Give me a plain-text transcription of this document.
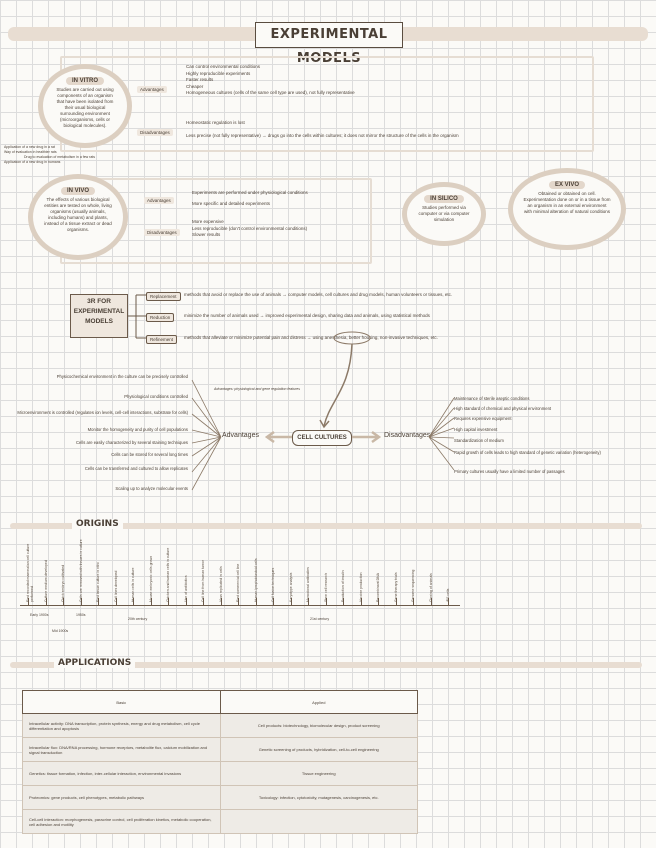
EXPERIMENTAL MODELS
IN VITRO
Studies are carried out using components of an organism that have been isolated from their usual biological surrounding environment (microorganisms, cells or biological molecules).
Advantages
Can control environmental conditions
Highly reproducible experiments
Faster results
Cheaper
Homogeneous cultures (cells of the same cell type are used), not fully representative
Disadvantages
Homeostatic regulation is lost
Less precise (not fully representative) → drugs go into the cells within cultures; it does not mirror the structure of the cells in the organism
Application of a new drug in a rat
Way of evaluation in healthier rats
Drug to evaluation of metabolism in a few rats
Application of a new drug in humans
IN VIVO
The effects of various biological entities are tested on whole, living organisms (usually animals, including humans) and plants, instead of a tissue extract or dead organisms.
Advantages
Experiments are performed under physiological conditions
More specific and detailed experiments
Disadvantages
More expensive
Less reproducible (don't control environmental conditions)
Slower results
IN SILICO
Studies performed via computer or via computer simulation
EX VIVO
Obtained or obtained on cell. Experimentation done on or in a tissue from an organism in an external environment with minimal alteration of natural conditions
3R FOR EXPERIMENTAL MODELS
Replacement	methods that avoid or replace the use of animals → computer models, cell cultures and drug models, human volunteers or tissues, etc.
Reduction	minimize the number of animals used → improved experimental design, sharing data and animals, using statistical methods
Refinement	methods that alleviate or minimize potential pain and distress → using anesthesia, better housing, non-invasive techniques, etc.
CELL CULTURES
Advantages	Disadvantages
Advantages: physiological and gene regulation features
Physicochemical environment in the culture can be precisely controlled
Physiological conditions controlled
Microenvironment is controlled (regulates ion levels, cell-cell interactions, substrate for cells)
Monitor the homogeneity and purity of cell populations
Cells are easily characterized by several staining techniques
Cells can be stored for several long times
Cells can be transferred and cultured to allow replicates
Scaling up to analyze molecular events
Maintenance of sterile aseptic conditions
High standard of chemical and physical environment
Requires expensive equipment
High capital investment
Standardization of medium
Rapid growth of cells leads to high standard of genetic variation (heterogeneity)
Primary cultures usually have a limited number of passages
ORIGINS
First recorded mammalian cell culture performed	Culture medium developed	Chick embryo cultivated	Cells are removed with tissues in culture	First tissue culture in vitro	Cell lines developed	Human cells in culture	Mouse embryonic cells grown	Chicken and human cells in culture	Use of antibiotics	Cell line from human tumor	Virus replicated in cells	First commercial cell line	Human lymphoblastoid cells	Cell fusion techniques	Karyotype analysis	Monoclonal antibodies	Stem cell research	Production of insulin	Vaccine production	Recombinant DNA	Gene therapy trials	Genome sequencing	Cloning of animals	iPS cells
Early 1900s
Mid 1900s
1950s
20th century	21st century
APPLICATIONS
Basic	Applied
Intracellular activity: DNA transcription, protein synthesis, energy and drug metabolism, cell cycle differentiation and apoptosis	Cell products: biotechnology, biomolecular design, product screening
Intracellular flux: DNA/RNA processing, hormone receptors, metabolite flux, calcium mobilization and signal transduction	Genetic screening of products, hybridization, cell-to-cell engineering
Genetics: tissue formation, infection, inter-cellular interaction, environmental invasions	Tissue engineering
Proteomics: gene products, cell phenotypes, metabolic pathways	Toxicology: infection, cytotoxicity, mutagenesis, carcinogenesis, etc.
Cell-cell interaction: morphogenesis, paracrine control, cell proliferation kinetics, metabolic cooperation, cell adhesion and motility	
